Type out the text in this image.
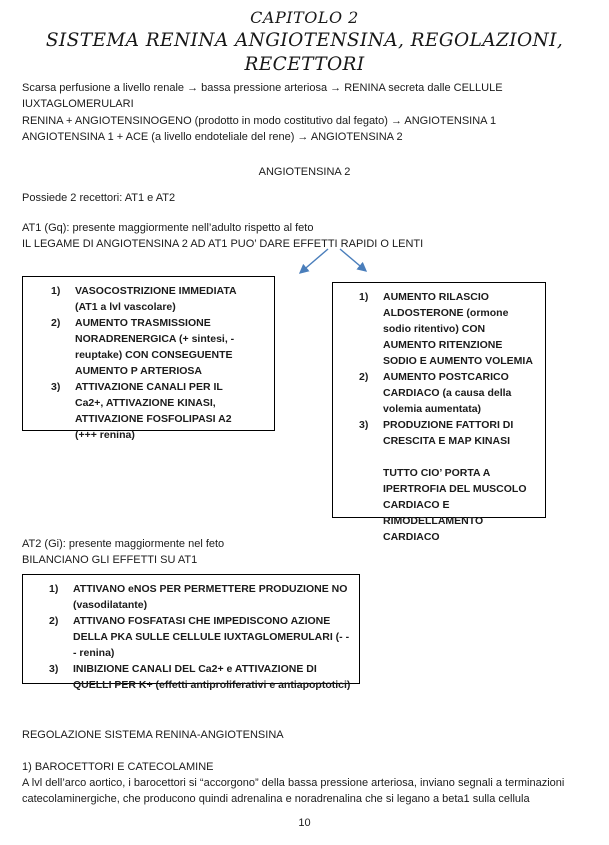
CAPITOLO 2
SISTEMA RENINA ANGIOTENSINA, REGOLAZIONI, RECETTORI
Scarsa perfusione a livello renale → bassa pressione arteriosa → RENINA secreta dalle CELLULE IUXTAGLOMERULARI
RENINA + ANGIOTENSINOGENO (prodotto in modo costitutivo dal fegato) → ANGIOTENSINA 1
ANGIOTENSINA 1 + ACE (a livello endoteliale del rene) → ANGIOTENSINA 2
ANGIOTENSINA 2
Possiede 2 recettori: AT1 e AT2
AT1 (Gq): presente maggiormente nell’adulto rispetto al feto
IL LEGAME DI ANGIOTENSINA 2 AD AT1 PUO’ DARE EFFETTI RAPIDI O LENTI
1)	VASOCOSTRIZIONE IMMEDIATA (AT1 a lvl vascolare)
2)	AUMENTO TRASMISSIONE NORADRENERGICA (+ sintesi, - reuptake) CON CONSEGUENTE AUMENTO P ARTERIOSA
3)	ATTIVAZIONE CANALI PER IL Ca2+, ATTIVAZIONE KINASI, ATTIVAZIONE FOSFOLIPASI A2 (+++ renina)
1)	AUMENTO RILASCIO ALDOSTERONE (ormone sodio ritentivo) CON AUMENTO RITENZIONE SODIO E AUMENTO VOLEMIA
2)	AUMENTO POSTCARICO CARDIACO (a causa della volemia aumentata)
3)	PRODUZIONE FATTORI DI CRESCITA E MAP KINASI
TUTTO CIO’ PORTA A IPERTROFIA DEL MUSCOLO CARDIACO E RIMODELLAMENTO CARDIACO
AT2 (Gi): presente maggiormente nel feto
BILANCIANO GLI EFFETTI SU AT1
1)	ATTIVANO eNOS PER PERMETTERE PRODUZIONE NO (vasodilatante)
2)	ATTIVANO FOSFATASI CHE IMPEDISCONO AZIONE DELLA PKA SULLE CELLULE IUXTAGLOMERULARI (- - - renina)
3)	INIBIZIONE CANALI DEL Ca2+ e ATTIVAZIONE DI QUELLI PER K+ (effetti antiproliferativi e antiapoptotici)
REGOLAZIONE SISTEMA RENINA-ANGIOTENSINA
1) BAROCETTORI E CATECOLAMINE
A lvl dell’arco aortico, i barocettori si “accorgono” della bassa pressione arteriosa, inviano segnali a terminazioni catecolaminergiche, che producono quindi adrenalina e noradrenalina che si legano a beta1 sulla cellula
10
